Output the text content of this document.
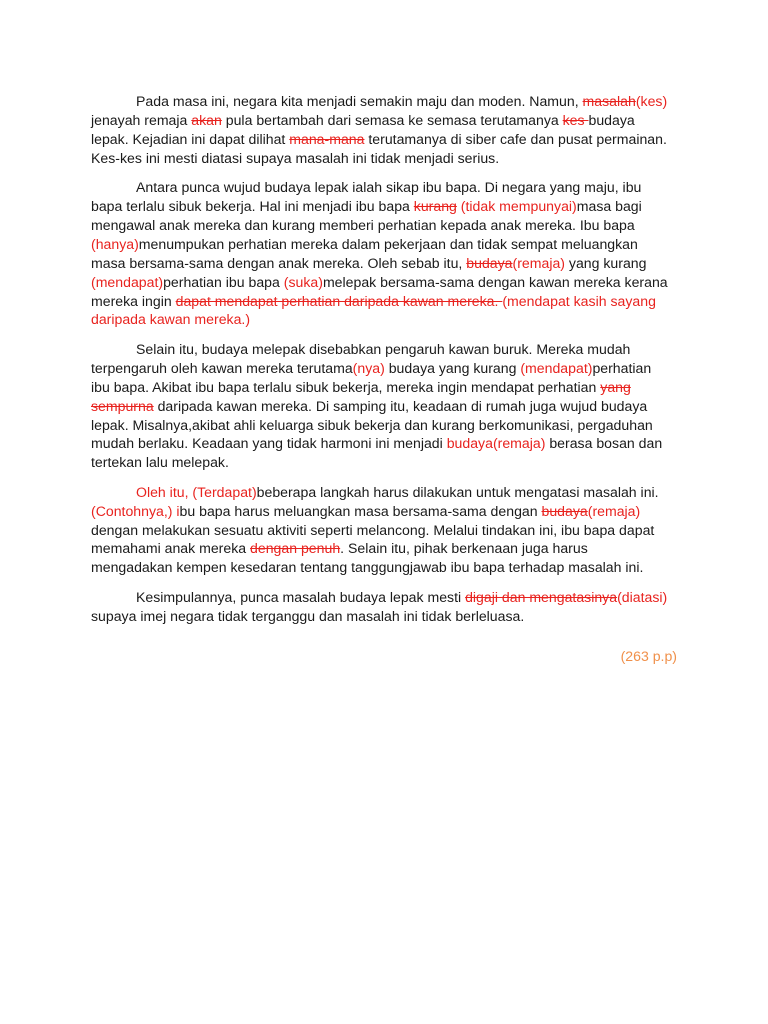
Pada masa ini, negara kita menjadi semakin maju dan moden. Namun, masalah(kes) jenayah remaja akan pula bertambah dari semasa ke semasa terutamanya kes budaya lepak. Kejadian ini dapat dilihat mana-mana terutamanya di siber cafe dan pusat permainan. Kes-kes ini mesti diatasi supaya masalah ini tidak menjadi serius.

Antara punca wujud budaya lepak ialah sikap ibu bapa. Di negara yang maju, ibu bapa terlalu sibuk bekerja. Hal ini menjadi ibu bapa kurang (tidak mempunyai)masa bagi mengawal anak mereka dan kurang memberi perhatian kepada anak mereka. Ibu bapa (hanya)menumpukan perhatian mereka dalam pekerjaan dan tidak sempat meluangkan masa bersama-sama dengan anak mereka. Oleh sebab itu, budaya(remaja) yang kurang (mendapat)perhatian ibu bapa (suka)melepak bersama-sama dengan kawan mereka kerana mereka ingin dapat mendapat perhatian daripada kawan mereka. (mendapat kasih sayang daripada kawan mereka.)

Selain itu, budaya melepak disebabkan pengaruh kawan buruk. Mereka mudah terpengaruh oleh kawan mereka terutama(nya) budaya yang kurang (mendapat)perhatian ibu bapa. Akibat ibu bapa terlalu sibuk bekerja, mereka ingin mendapat perhatian yang sempurna daripada kawan mereka. Di samping itu, keadaan di rumah juga wujud budaya lepak. Misalnya,akibat ahli keluarga sibuk bekerja dan kurang berkomunikasi, pergaduhan mudah berlaku. Keadaan yang tidak harmoni ini menjadi budaya(remaja) berasa bosan dan tertekan lalu melepak.

Oleh itu, (Terdapat)beberapa langkah harus dilakukan untuk mengatasi masalah ini. (Contohnya,) ibu bapa harus meluangkan masa bersama-sama dengan budaya(remaja) dengan melakukan sesuatu aktiviti seperti melancong. Melalui tindakan ini, ibu bapa dapat memahami anak mereka dengan penuh. Selain itu, pihak berkenaan juga harus mengadakan kempen kesedaran tentang tanggungjawab ibu bapa terhadap masalah ini.

Kesimpulannya, punca masalah budaya lepak mesti digaji dan mengatasinya(diatasi) supaya imej negara tidak terganggu dan masalah ini tidak berleluasa.

(263 p.p)
